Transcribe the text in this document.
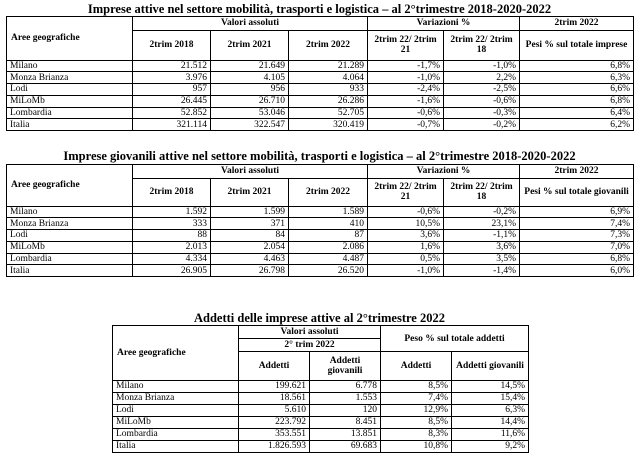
Imprese attive nel settore mobilità, trasporti e logistica – al 2°trimestre 2018-2020-2022
Aree geografiche	Valori assoluti			Variazioni %		2trim 2022
	2trim 2018	2trim 2021	2trim 2022	2trim 22/ 2trim 21	2trim 22/ 2trim 18	Pesi % sul totale imprese
Milano	21.512	21.649	21.289	-1,7%	-1,0%	6,8%
Monza Brianza	3.976	4.105	4.064	-1,0%	2,2%	6,3%
Lodi	957	956	933	-2,4%	-2,5%	6,6%
MiLoMb	26.445	26.710	26.286	-1,6%	-0,6%	6,8%
Lombardia	52.852	53.046	52.705	-0,6%	-0,3%	6,4%
Italia	321.114	322.547	320.419	-0,7%	-0,2%	6,2%
Imprese giovanili attive nel settore mobilità, trasporti e logistica – al 2°trimestre 2018-2020-2022
Aree geografiche	Valori assoluti			Variazioni %		2trim 2022
	2trim 2018	2trim 2021	2trim 2022	2trim 22/ 2trim 21	2trim 22/ 2trim 18	Pesi % sul totale giovanili
Milano	1.592	1.599	1.589	-0,6%	-0,2%	6,9%
Monza Brianza	333	371	410	10,5%	23,1%	7,4%
Lodi	88	84	87	3,6%	-1,1%	7,3%
MiLoMb	2.013	2.054	2.086	1,6%	3,6%	7,0%
Lombardia	4.334	4.463	4.487	0,5%	3,5%	6,8%
Italia	26.905	26.798	26.520	-1,0%	-1,4%	6,0%
Addetti delle imprese attive al 2°trimestre 2022
Aree geografiche	Valori assoluti		Peso % sul totale addetti	
	2° trim 2022			
	Addetti	Addetti giovanili	Addetti	Addetti giovanili
Milano	199.621	6.778	8,5%	14,5%
Monza Brianza	18.561	1.553	7,4%	15,4%
Lodi	5.610	120	12,9%	6,3%
MiLoMb	223.792	8.451	8,5%	14,4%
Lombardia	353.551	13.851	8,3%	11,6%
Italia	1.826.593	69.683	10,8%	9,2%
